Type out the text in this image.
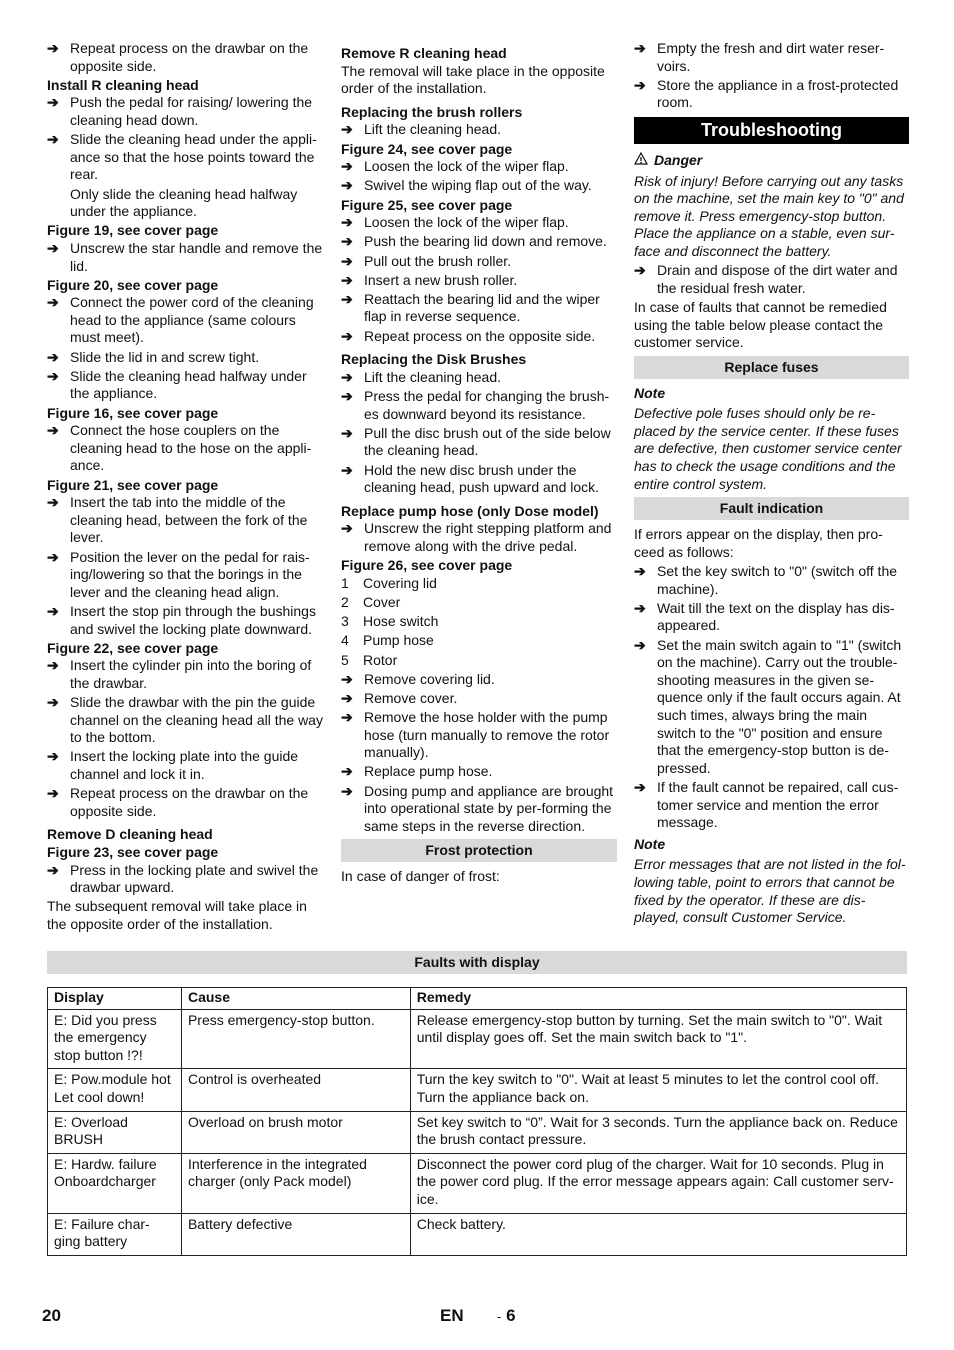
➔ Repeat process on the drawbar on the opposite side.
Install R cleaning head
➔ Push the pedal for raising/ lowering the cleaning head down.
➔ Slide the cleaning head under the appli-ance so that the hose points toward the rear.
Only slide the cleaning head halfway under the appliance.
Figure 19, see cover page
➔ Unscrew the star handle and remove the lid.
Figure 20, see cover page
➔ Connect the power cord of the cleaning head to the appliance (same colours must meet).
➔ Slide the lid in and screw tight.
➔ Slide the cleaning head halfway under the appliance.
Figure 16, see cover page
➔ Connect the hose couplers on the cleaning head to the hose on the appli-ance.
Figure 21, see cover page
➔ Insert the tab into the middle of the cleaning head, between the fork of the lever.
➔ Position the lever on the pedal for rais-ing/lowering so that the borings in the lever and the cleaning head align.
➔ Insert the stop pin through the bushings and swivel the locking plate downward.
Figure 22, see cover page
➔ Insert the cylinder pin into the boring of the drawbar.
➔ Slide the drawbar with the pin the guide channel on the cleaning head all the way to the bottom.
➔ Insert the locking plate into the guide channel and lock it in.
➔ Repeat process on the drawbar on the opposite side.
Remove D cleaning head
Figure 23, see cover page
➔ Press in the locking plate and swivel the drawbar upward.
The subsequent removal will take place in the opposite order of the installation.
Remove R cleaning head
The removal will take place in the opposite order of the installation.
Replacing the brush rollers
➔ Lift the cleaning head.
Figure 24, see cover page
➔ Loosen the lock of the wiper flap.
➔ Swivel the wiping flap out of the way.
Figure 25, see cover page
➔ Loosen the lock of the wiper flap.
➔ Push the bearing lid down and remove.
➔ Pull out the brush roller.
➔ Insert a new brush roller.
➔ Reattach the bearing lid and the wiper flap in reverse sequence.
➔ Repeat process on the opposite side.
Replacing the Disk Brushes
➔ Lift the cleaning head.
➔ Press the pedal for changing the brush-es downward beyond its resistance.
➔ Pull the disc brush out of the side below the cleaning head.
➔ Hold the new disc brush under the cleaning head, push upward and lock.
Replace pump hose (only Dose model)
➔ Unscrew the right stepping platform and remove along with the drive pedal.
Figure 26, see cover page
1	Covering lid
2	Cover
3	Hose switch
4	Pump hose
5	Rotor
➔ Remove covering lid.
➔ Remove cover.
➔ Remove the hose holder with the pump hose (turn manually to remove the rotor manually).
➔ Replace pump hose.
➔ Dosing pump and appliance are brought into operational state by per-forming the same steps in the reverse direction.
Frost protection
In case of danger of frost:
➔ Empty the fresh and dirt water reser-voirs.
➔ Store the appliance in a frost-protected room.
Troubleshooting
Danger
Risk of injury! Before carrying out any tasks on the machine, set the main key to "0" and remove it. Press emergency-stop button. Place the appliance on a stable, even sur-face and disconnect the battery.
➔ Drain and dispose of the dirt water and the residual fresh water.
In case of faults that cannot be remedied using the table below please contact the customer service.
Replace fuses
Note
Defective pole fuses should only be re-placed by the service center. If these fuses are defective, then customer service center has to check the usage conditions and the entire control system.
Fault indication
If errors appear on the display, then pro-ceed as follows:
➔ Set the key switch to "0" (switch off the machine).
➔ Wait till the text on the display has dis-appeared.
➔ Set the main switch again to "1" (switch on the machine). Carry out the trouble-shooting measures in the given se-quence only if the fault occurs again. At such times, always bring the main switch to the "0" position and ensure that the emergency-stop button is de-pressed.
➔ If the fault cannot be repaired, call cus-tomer service and mention the error message.
Note
Error messages that are not listed in the fol-lowing table, point to errors that cannot be fixed by the operator. If these are dis-played, consult Customer Service.
Faults with display
Display	Cause	Remedy
E: Did you press the emergency stop button !?!	Press emergency-stop button.	Release emergency-stop button by turning. Set the main switch to "0". Wait until display goes off. Set the main switch back to "1".
E: Pow.module hot Let cool down!	Control is overheated	Turn the key switch to "0". Wait at least 5 minutes to let the control cool off. Turn the appliance back on.
E: Overload BRUSH	Overload on brush motor	Set key switch to “0”. Wait for 3 seconds. Turn the appliance back on. Reduce the brush contact pressure.
E: Hardw. failure Onboardcharger	Interference in the integrated charger (only Pack model)	Disconnect the power cord plug of the charger. Wait for 10 seconds. Plug in the power cord plug. If the error message appears again: Call customer serv-ice.
E: Failure char-ging battery	Battery defective	Check battery.
20	EN	- 6
